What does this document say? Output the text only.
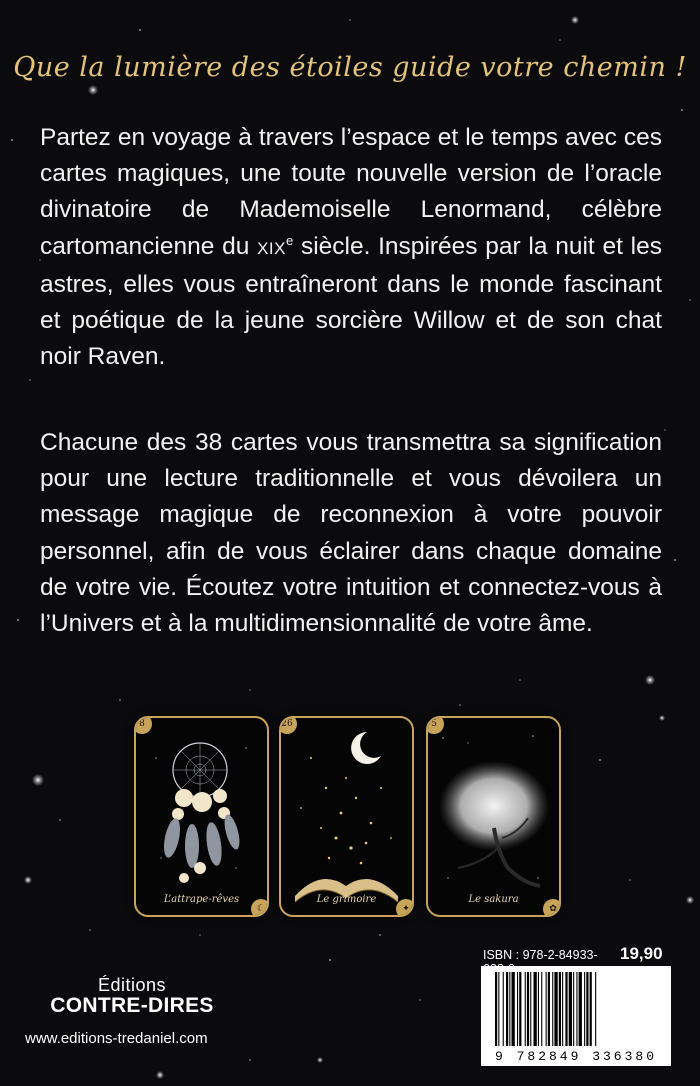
Que la lumière des étoiles guide votre chemin !

Partez en voyage à travers l’espace et le temps avec ces cartes magiques, une toute nouvelle version de l’oracle divinatoire de Mademoiselle Lenormand, célèbre cartomancienne du XIXe siècle. Inspirées par la nuit et les astres, elles vous entraîneront dans le monde fascinant et poétique de la jeune sorcière Willow et de son chat noir Raven.

Chacune des 38 cartes vous transmettra sa signification pour une lecture traditionnelle et vous dévoilera un message magique de reconnexion à votre pouvoir personnel, afin de vous éclairer dans chaque domaine de votre vie. Écoutez votre intuition et connectez-vous à l’Univers et à la multidimensionnalité de votre âme.

8
☾
L’attrape-rêves
26
✦
Le grimoire
5
✿
Le sakura
Éditions
CONTRE-DIRES
www.editions-tredaniel.com
ISBN : 978-2-84933-	19,90
9 782849 336380
